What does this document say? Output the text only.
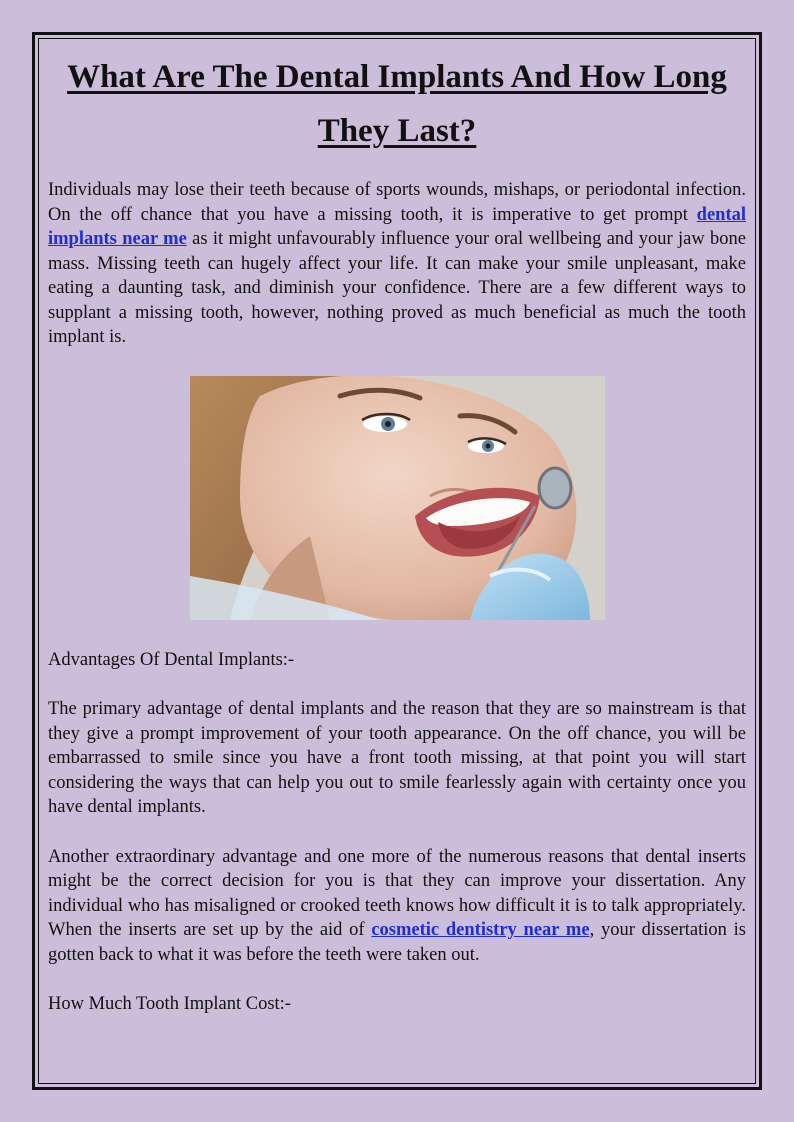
What Are The Dental Implants And How Long They Last?

Individuals may lose their teeth because of sports wounds, mishaps, or periodontal infection. On the off chance that you have a missing tooth, it is imperative to get prompt dental implants near me as it might unfavourably influence your oral wellbeing and your jaw bone mass. Missing teeth can hugely affect your life. It can make your smile unpleasant, make eating a daunting task, and diminish your confidence. There are a few different ways to supplant a missing tooth, however, nothing proved as much beneficial as much the tooth implant is.

Advantages Of Dental Implants:-

The primary advantage of dental implants and the reason that they are so mainstream is that they give a prompt improvement of your tooth appearance. On the off chance, you will be embarrassed to smile since you have a front tooth missing, at that point you will start considering the ways that can help you out to smile fearlessly again with certainty once you have dental implants.

Another extraordinary advantage and one more of the numerous reasons that dental inserts might be the correct decision for you is that they can improve your dissertation. Any individual who has misaligned or crooked teeth knows how difficult it is to talk appropriately. When the inserts are set up by the aid of cosmetic dentistry near me, your dissertation is gotten back to what it was before the teeth were taken out.

How Much Tooth Implant Cost:-
